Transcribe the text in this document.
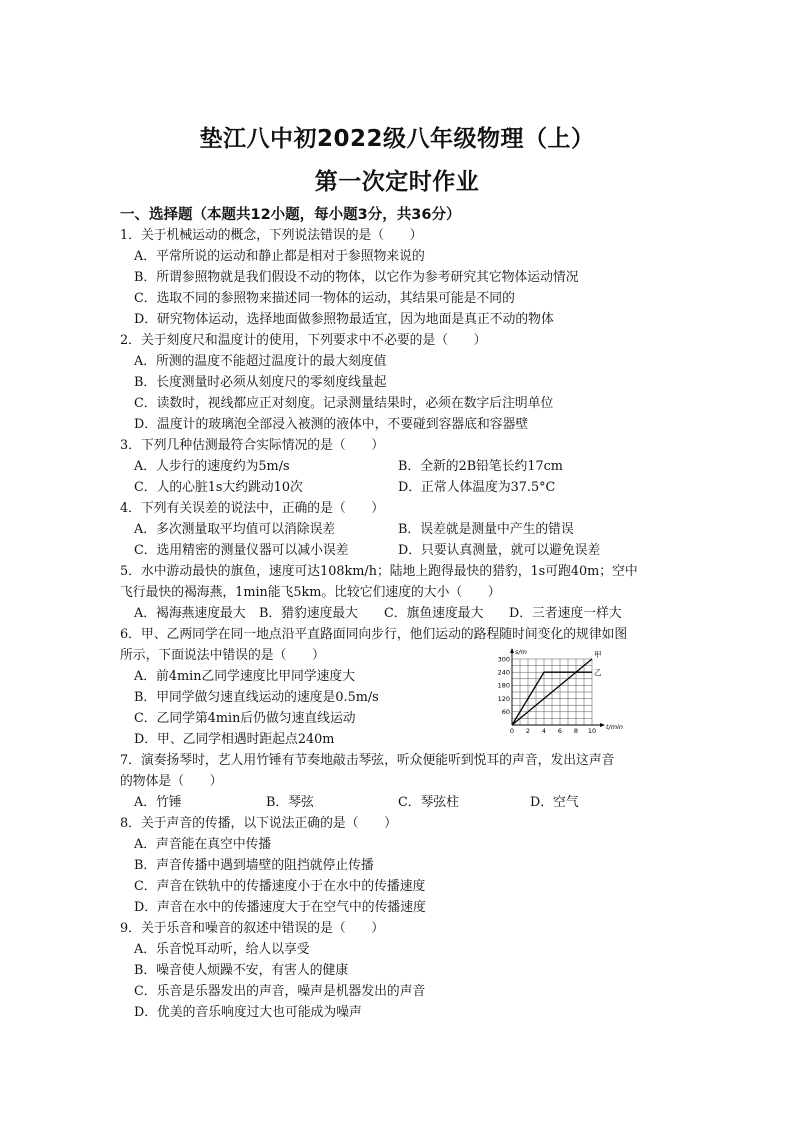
垫江八中初2022级八年级物理（上）
第一次定时作业
一、选择题（本题共12小题，每小题3分，共36分）
1．关于机械运动的概念，下列说法错误的是（　　）
A．平常所说的运动和静止都是相对于参照物来说的
B．所谓参照物就是我们假设不动的物体，以它作为参考研究其它物体运动情况
C．选取不同的参照物来描述同一物体的运动，其结果可能是不同的
D．研究物体运动，选择地面做参照物最适宜，因为地面是真正不动的物体
2．关于刻度尺和温度计的使用，下列要求中不必要的是（　　）
A．所测的温度不能超过温度计的最大刻度值
B．长度测量时必须从刻度尺的零刻度线量起
C．读数时，视线都应正对刻度。记录测量结果时，必须在数字后注明单位
D．温度计的玻璃泡全部浸入被测的液体中，不要碰到容器底和容器壁
3．下列几种估测最符合实际情况的是（　　）
A．人步行的速度约为5m/s	B．全新的2B铅笔长约17cm
C．人的心脏1s大约跳动10次	D．正常人体温度为37.5°C
4．下列有关误差的说法中，正确的是（　　）
A．多次测量取平均值可以消除误差	B．误差就是测量中产生的错误
C．选用精密的测量仪器可以减小误差	D．只要认真测量，就可以避免误差
5．水中游动最快的旗鱼，速度可达108km/h；陆地上跑得最快的猎豹，1s可跑40m；空中
飞行最快的褐海燕，1min能飞5km。比较它们速度的大小（　　）
A．褐海燕速度最大	B．猎豹速度最大	C．旗鱼速度最大	D．三者速度一样大
6．甲、乙两同学在同一地点沿平直路面同向步行，他们运动的路程随时间变化的规律如图
所示，下面说法中错误的是（　　）
A．前4min乙同学速度比甲同学速度大
B．甲同学做匀速直线运动的速度是0.5m/s
C．乙同学第4min后仍做匀速直线运动
D．甲、乙同学相遇时距起点240m
7．演奏扬琴时，艺人用竹锤有节奏地敲击琴弦，听众便能听到悦耳的声音，发出这声音
的物体是（　　）
A．竹锤	B．琴弦	C．琴弦柱	D．空气
8．关于声音的传播，以下说法正确的是（　　）
A．声音能在真空中传播
B．声音传播中遇到墙壁的阻挡就停止传播
C．声音在铁轨中的传播速度小于在水中的传播速度
D．声音在水中的传播速度大于在空气中的传播速度
9．关于乐音和噪音的叙述中错误的是（　　）
A．乐音悦耳动听，给人以享受
B．噪音使人烦躁不安，有害人的健康
C．乐音是乐器发出的声音，噪声是机器发出的声音
D．优美的音乐响度过大也可能成为噪声
0 2 4 6 8 10
60
120
180
240
300
t/min
s/m	甲
乙
